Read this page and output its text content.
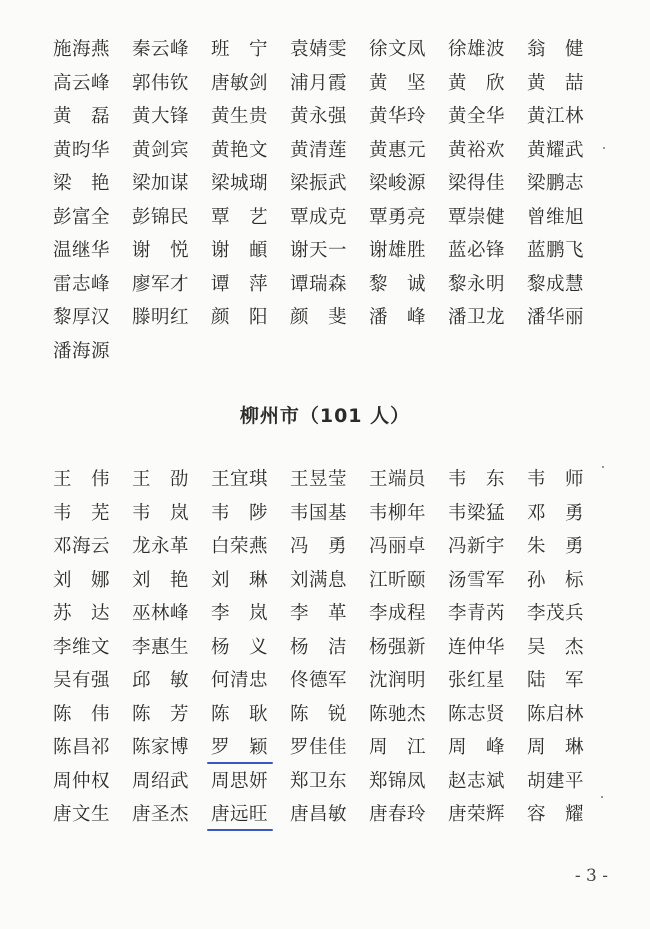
施海燕	秦云峰	班　宁	袁婧雯	徐文凤	徐雄波	翁　健
高云峰	郭伟钦	唐敏剑	浦月霞	黄　坚	黄　欣	黄　喆
黄　磊	黄大锋	黄生贵	黄永强	黄华玲	黄全华	黄江林
黄昀华	黄剑宾	黄艳文	黄清莲	黄惠元	黄裕欢	黄耀武
梁　艳	梁加谋	梁城瑚	梁振武	梁峻源	梁得佳	梁鹏志
彭富全	彭锦民	覃　艺	覃成克	覃勇亮	覃崇健	曾维旭
温继华	谢　悦	谢　頔	谢天一	谢雄胜	蓝必锋	蓝鹏飞
雷志峰	廖军才	谭　萍	谭瑞森	黎　诚	黎永明	黎成慧
黎厚汉	滕明红	颜　阳	颜　斐	潘　峰	潘卫龙	潘华丽
潘海源
柳州市（101 人）
王　伟	王　劭	王宜琪	王昱莹	王端员	韦　东	韦　师
韦　芜	韦　岚	韦　陟	韦国基	韦柳年	韦梁猛	邓　勇
邓海云	龙永革	白荣燕	冯　勇	冯丽卓	冯新宇	朱　勇
刘　娜	刘　艳	刘　琳	刘满息	江昕颐	汤雪军	孙　标
苏　达	巫林峰	李　岚	李　革	李成程	李青芮	李茂兵
李维文	李惠生	杨　义	杨　洁	杨强新	连仲华	吴　杰
吴有强	邱　敏	何清忠	佟德军	沈润明	张红星	陆　军
陈　伟	陈　芳	陈　耿	陈　锐	陈驰杰	陈志贤	陈启林
陈昌祁	陈家博	罗　颖	罗佳佳	周　江	周　峰	周　琳
周仲权	周绍武	周思妍	郑卫东	郑锦凤	赵志斌	胡建平
唐文生	唐圣杰	唐远旺	唐昌敏	唐春玲	唐荣辉	容　耀
- 3 -
